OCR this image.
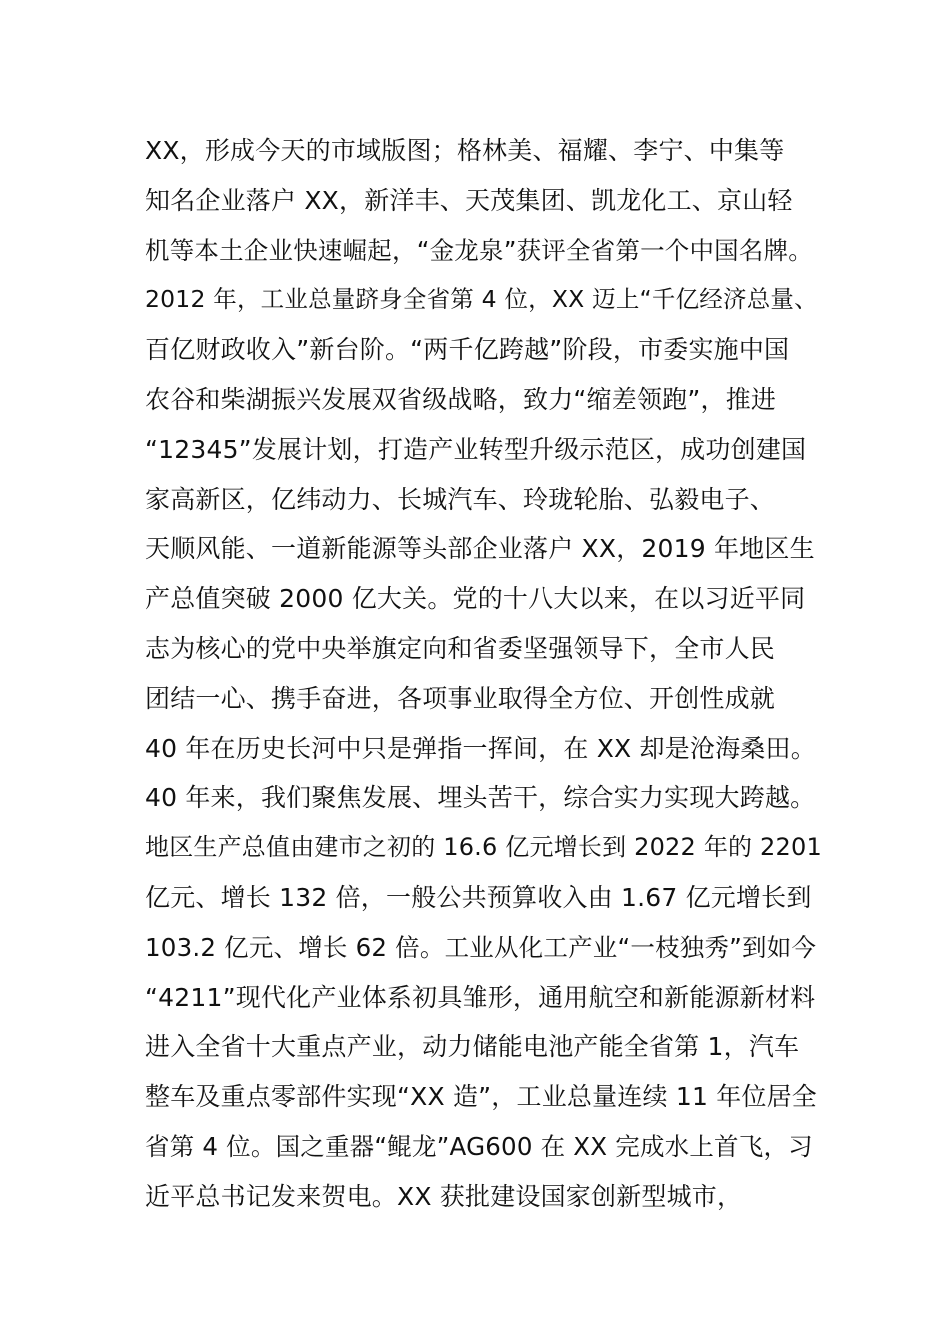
XX，形成今天的市域版图；格林美、福耀、李宁、中集等
知名企业落户 XX，新洋丰、天茂集团、凯龙化工、京山轻
机等本土企业快速崛起，“金龙泉”获评全省第一个中国名牌。
2012 年，工业总量跻身全省第 4 位，XX 迈上“千亿经济总量、
百亿财政收入”新台阶。“两千亿跨越”阶段，市委实施中国
农谷和柴湖振兴发展双省级战略，致力“缩差领跑”，推进
“12345”发展计划，打造产业转型升级示范区，成功创建国
家高新区，亿纬动力、长城汽车、玲珑轮胎、弘毅电子、
天顺风能、一道新能源等头部企业落户 XX，2019 年地区生
产总值突破 2000 亿大关。党的十八大以来，在以习近平同
志为核心的党中央举旗定向和省委坚强领导下，全市人民
团结一心、携手奋进，各项事业取得全方位、开创性成就
40 年在历史长河中只是弹指一挥间，在 XX 却是沧海桑田。
40 年来，我们聚焦发展、埋头苦干，综合实力实现大跨越。
地区生产总值由建市之初的 16.6 亿元增长到 2022 年的 2201
亿元、增长 132 倍，一般公共预算收入由 1.67 亿元增长到
103.2 亿元、增长 62 倍。工业从化工产业“一枝独秀”到如今
“4211”现代化产业体系初具雏形，通用航空和新能源新材料
进入全省十大重点产业，动力储能电池产能全省第 1，汽车
整车及重点零部件实现“XX 造”，工业总量连续 11 年位居全
省第 4 位。国之重器“鲲龙”AG600 在 XX 完成水上首飞，习
近平总书记发来贺电。XX 获批建设国家创新型城市，
